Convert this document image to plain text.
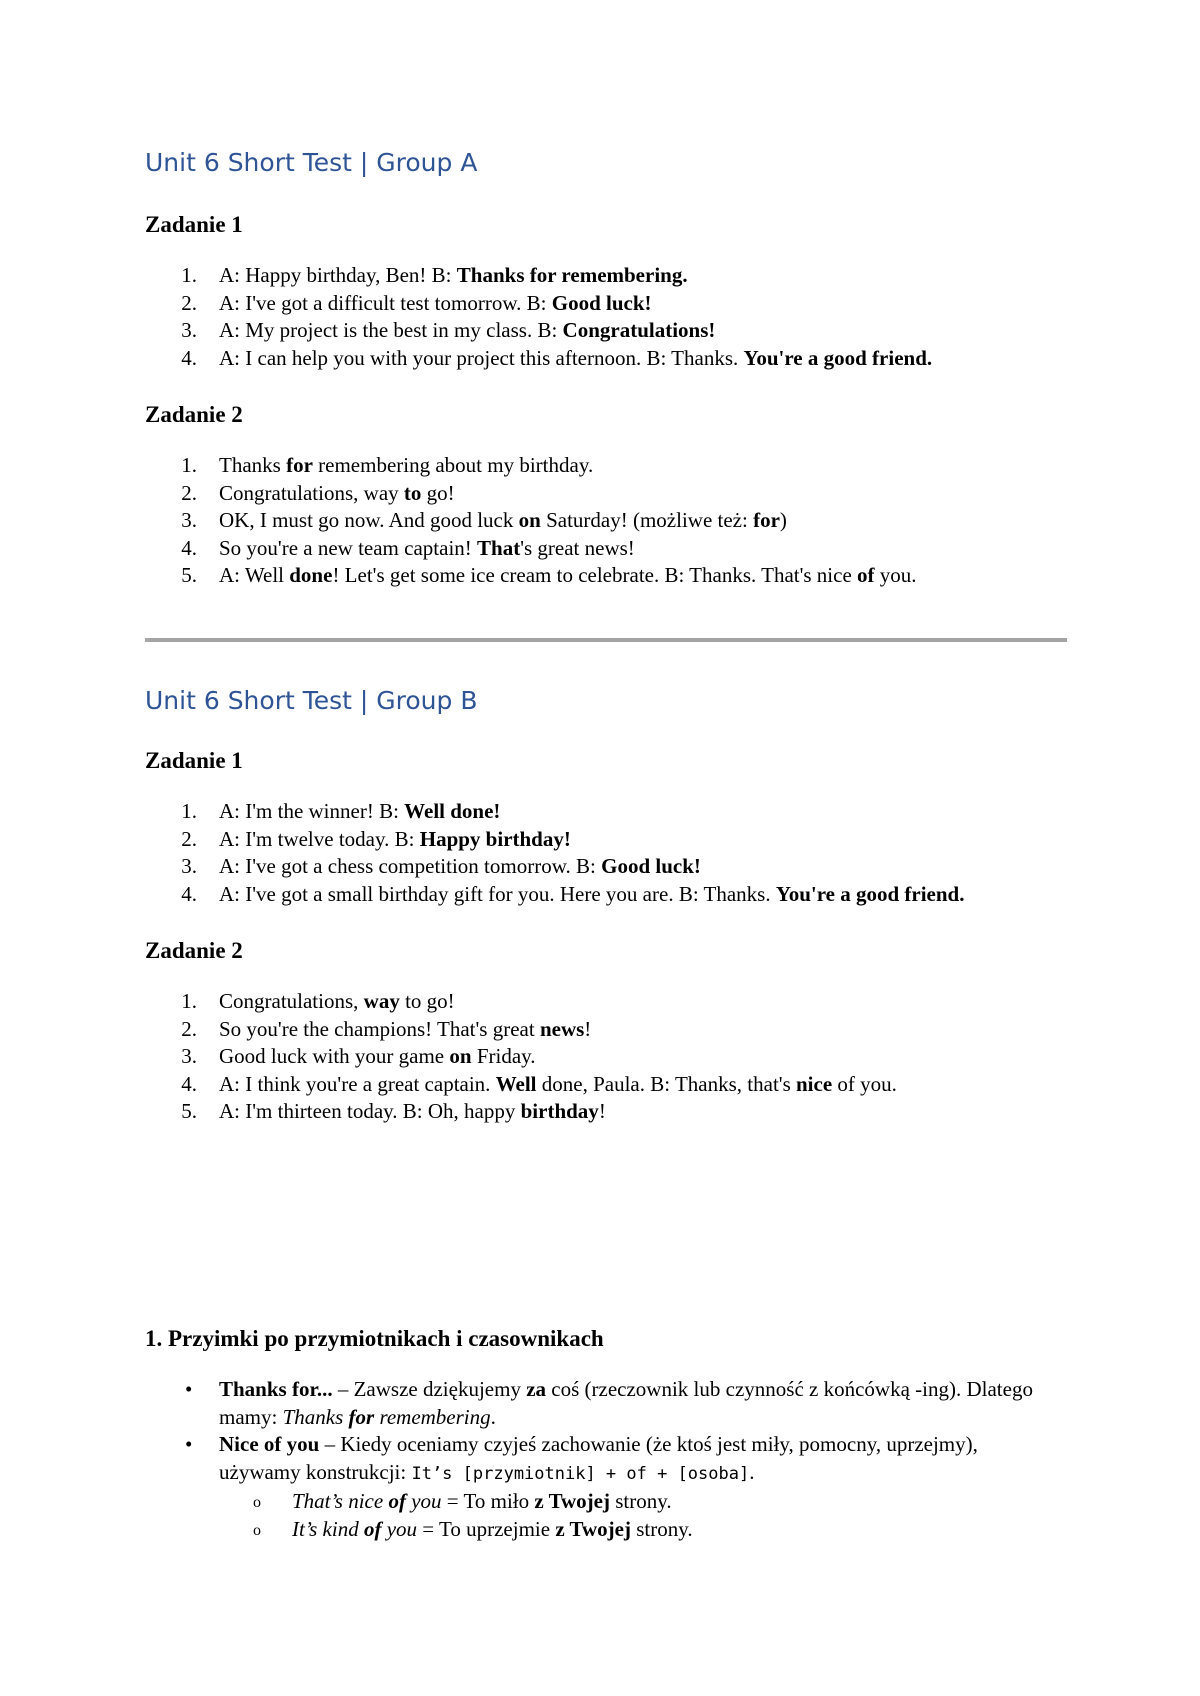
Unit 6 Short Test | Group A
Zadanie 1
1. A: Happy birthday, Ben! B: Thanks for remembering.
2. A: I've got a difficult test tomorrow. B: Good luck!
3. A: My project is the best in my class. B: Congratulations!
4. A: I can help you with your project this afternoon. B: Thanks. You're a good friend.
Zadanie 2
1. Thanks for remembering about my birthday.
2. Congratulations, way to go!
3. OK, I must go now. And good luck on Saturday! (możliwe też: for)
4. So you're a new team captain! That's great news!
5. A: Well done! Let's get some ice cream to celebrate. B: Thanks. That's nice of you.
Unit 6 Short Test | Group B
Zadanie 1
1. A: I'm the winner! B: Well done!
2. A: I'm twelve today. B: Happy birthday!
3. A: I've got a chess competition tomorrow. B: Good luck!
4. A: I've got a small birthday gift for you. Here you are. B: Thanks. You're a good friend.
Zadanie 2
1. Congratulations, way to go!
2. So you're the champions! That's great news!
3. Good luck with your game on Friday.
4. A: I think you're a great captain. Well done, Paula. B: Thanks, that's nice of you.
5. A: I'm thirteen today. B: Oh, happy birthday!
1. Przyimki po przymiotnikach i czasownikach
• Thanks for... – Zawsze dziękujemy za coś (rzeczownik lub czynność z końcówką -ing). Dlatego mamy: Thanks for remembering.
• Nice of you – Kiedy oceniamy czyjeś zachowanie (że ktoś jest miły, pomocny, uprzejmy), używamy konstrukcji: It’s [przymiotnik] + of + [osoba].
o That’s nice of you = To miło z Twojej strony.
o It’s kind of you = To uprzejmie z Twojej strony.
